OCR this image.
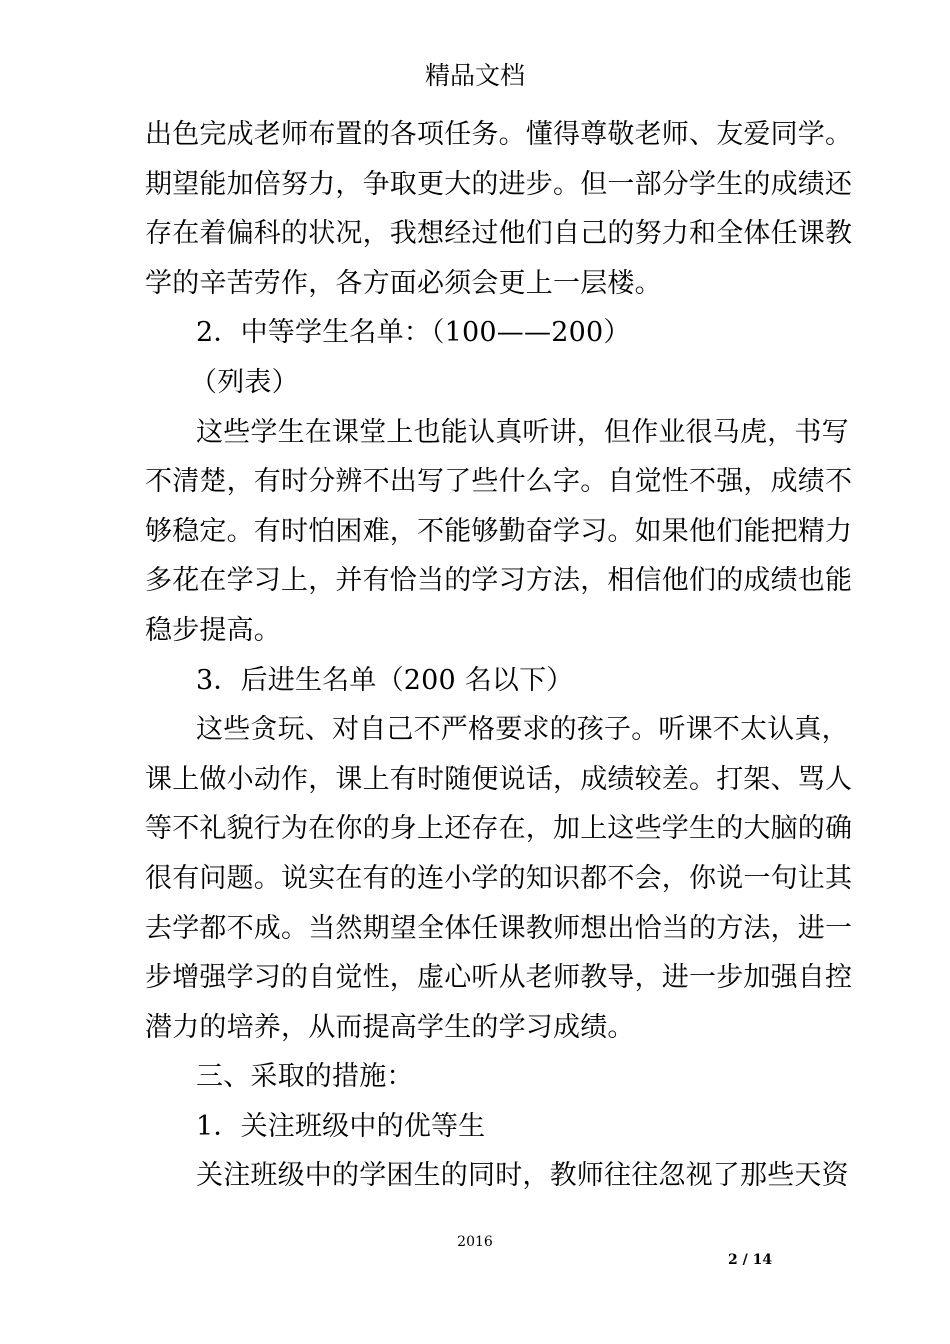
精品文档
出色完成老师布置的各项任务。懂得尊敬老师、友爱同学。
期望能加倍努力，争取更大的进步。但一部分学生的成绩还
存在着偏科的状况，我想经过他们自己的努力和全体任课教
学的辛苦劳作，各方面必须会更上一层楼。
2．中等学生名单：（100——200）
（列表）
这些学生在课堂上也能认真听讲，但作业很马虎，书写
不清楚，有时分辨不出写了些什么字。自觉性不强，成绩不
够稳定。有时怕困难，不能够勤奋学习。如果他们能把精力
多花在学习上，并有恰当的学习方法，相信他们的成绩也能
稳步提高。
3．后进生名单（200 名以下）
这些贪玩、对自己不严格要求的孩子。听课不太认真，
课上做小动作，课上有时随便说话，成绩较差。打架、骂人
等不礼貌行为在你的身上还存在，加上这些学生的大脑的确
很有问题。说实在有的连小学的知识都不会，你说一句让其
去学都不成。当然期望全体任课教师想出恰当的方法，进一
步增强学习的自觉性，虚心听从老师教导，进一步加强自控
潜力的培养，从而提高学生的学习成绩。
三、采取的措施：
1．关注班级中的优等生
关注班级中的学困生的同时，教师往往忽视了那些天资
2016
2 / 14
